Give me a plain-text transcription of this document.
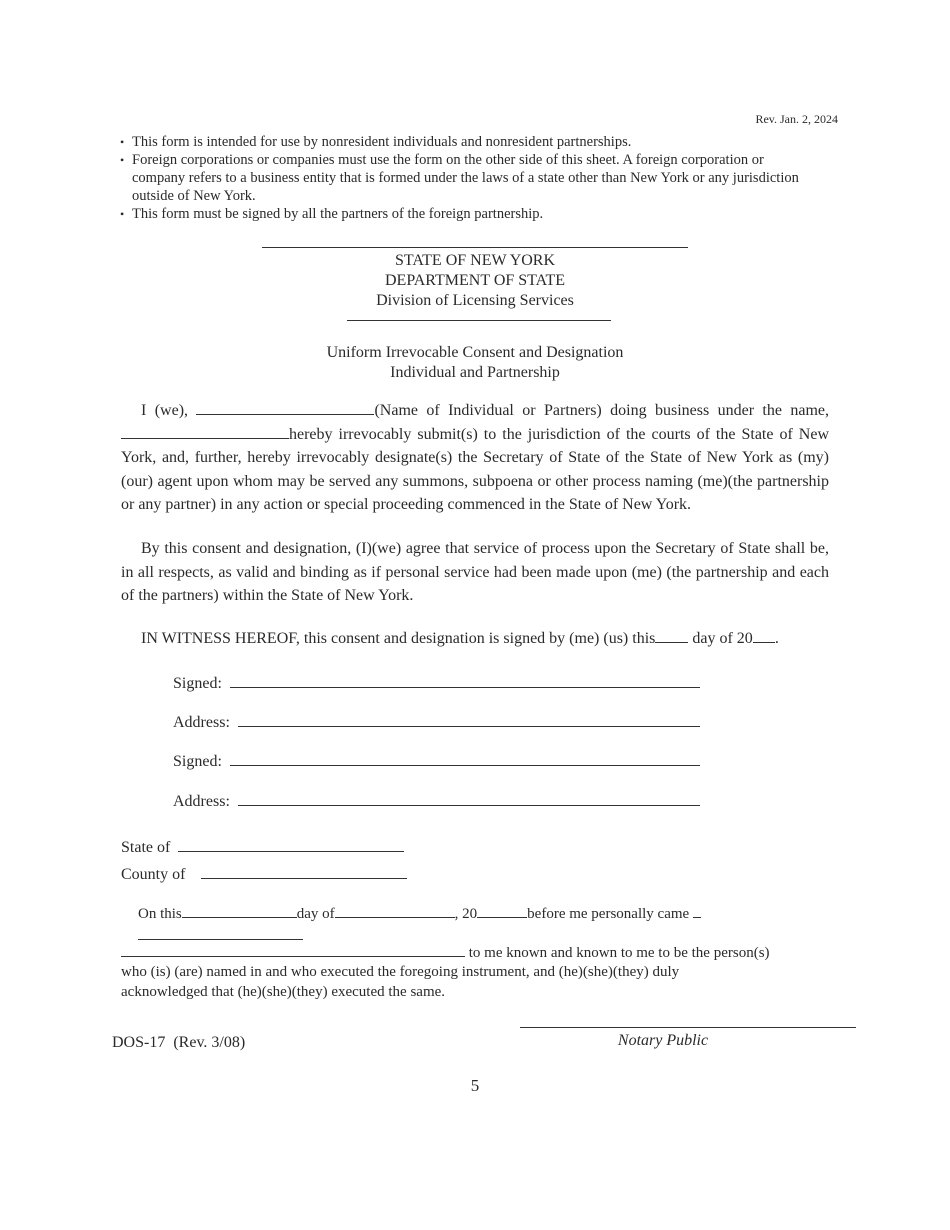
Rev. Jan. 2, 2024
• This form is intended for use by nonresident individuals and nonresident partnerships.
• Foreign corporations or companies must use the form on the other side of this sheet. A foreign corporation or company refers to a business entity that is formed under the laws of a state other than New York or any jurisdiction outside of New York.
• This form must be signed by all the partners of the foreign partnership.
STATE OF NEW YORK
DEPARTMENT OF STATE
Division of Licensing Services
Uniform Irrevocable Consent and Designation
Individual and Partnership

I (we),	(Name of Individual or Partners) doing business under the name, hereby irrevocably submit(s) to the jurisdiction of the courts of the State of New York, and, further, hereby irrevocably designate(s) the Secretary of State of the State of New York as (my)(our) agent upon whom may be served any summons, subpoena or other process naming (me)(the partnership or any partner) in any action or special proceeding commenced in the State of New York.

By this consent and designation, (I)(we) agree that service of process upon the Secretary of State shall be, in all respects, as valid and binding as if personal service had been made upon (me) (the partnership and each of the partners) within the State of New York.

IN WITNESS HEREOF, this consent and designation is signed by (me) (us) this day of 20 .
Signed:
Address:
Signed:
Address:
State of
County of
On this	day of	, 20	before me personally came
to me known and known to me to be the person(s)
who (is) (are) named in and who executed the foregoing instrument, and (he)(she)(they) duly
acknowledged that (he)(she)(they) executed the same.
Notary Public
DOS-17  (Rev. 3/08)
5
